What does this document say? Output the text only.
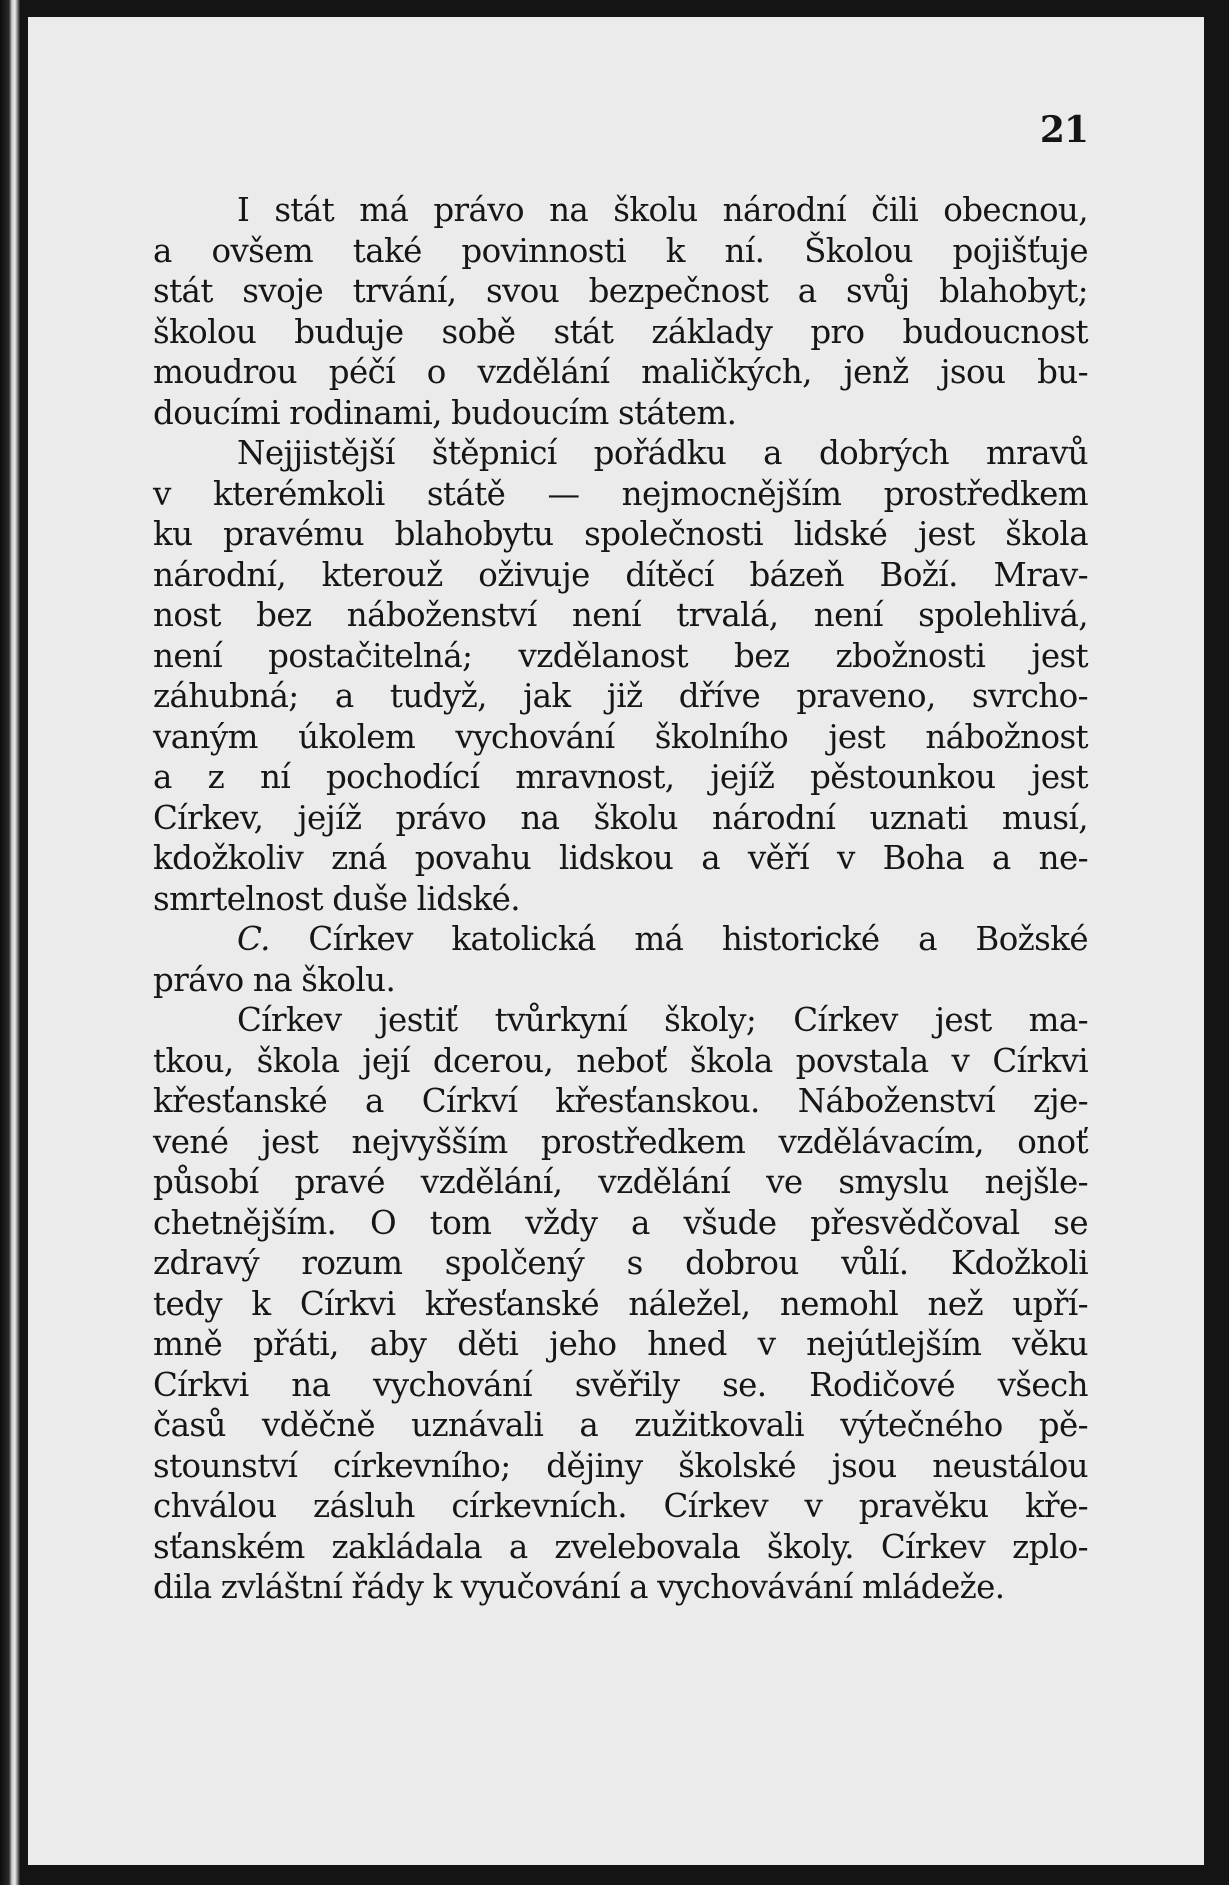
21
I stát má právo na školu národní čili obecnou,
a ovšem také povinnosti k ní. Školou pojišťuje
stát svoje trvání, svou bezpečnost a svůj blahobyt;
školou buduje sobě stát základy pro budoucnost
moudrou péčí o vzdělání maličkých, jenž jsou bu-
doucími rodinami, budoucím státem.
Nejjistější štěpnicí pořádku a dobrých mravů
v kterémkoli státě — nejmocnějším prostředkem
ku pravému blahobytu společnosti lidské jest škola
národní, kterouž oživuje dítěcí bázeň Boží. Mrav-
nost bez náboženství není trvalá, není spolehlivá,
není postačitelná; vzdělanost bez zbožnosti jest
záhubná; a tudyž, jak již dříve praveno, svrcho-
vaným úkolem vychování školního jest nábožnost
a z ní pochodící mravnost, jejíž pěstounkou jest
Církev, jejíž právo na školu národní uznati musí,
kdožkoliv zná povahu lidskou a věří v Boha a ne-
smrtelnost duše lidské.
C. Církev katolická má historické a Božské
právo na školu.
Církev jestiť tvůrkyní školy; Církev jest ma-
tkou, škola její dcerou, neboť škola povstala v Církvi
křesťanské a Církví křesťanskou. Náboženství zje-
vené jest nejvyšším prostředkem vzdělávacím, onoť
působí pravé vzdělání, vzdělání ve smyslu nejšle-
chetnějším. O tom vždy a všude přesvědčoval se
zdravý rozum spolčený s dobrou vůlí. Kdožkoli
tedy k Církvi křesťanské náležel, nemohl než upří-
mně přáti, aby děti jeho hned v nejútlejším věku
Církvi na vychování svěřily se. Rodičové všech
časů vděčně uznávali a zužitkovali výtečného pě-
stounství církevního; dějiny školské jsou neustálou
chválou zásluh církevních. Církev v pravěku kře-
sťanském zakládala a zvelebovala školy. Církev zplo-
dila zvláštní řády k vyučování a vychovávání mládeže.
